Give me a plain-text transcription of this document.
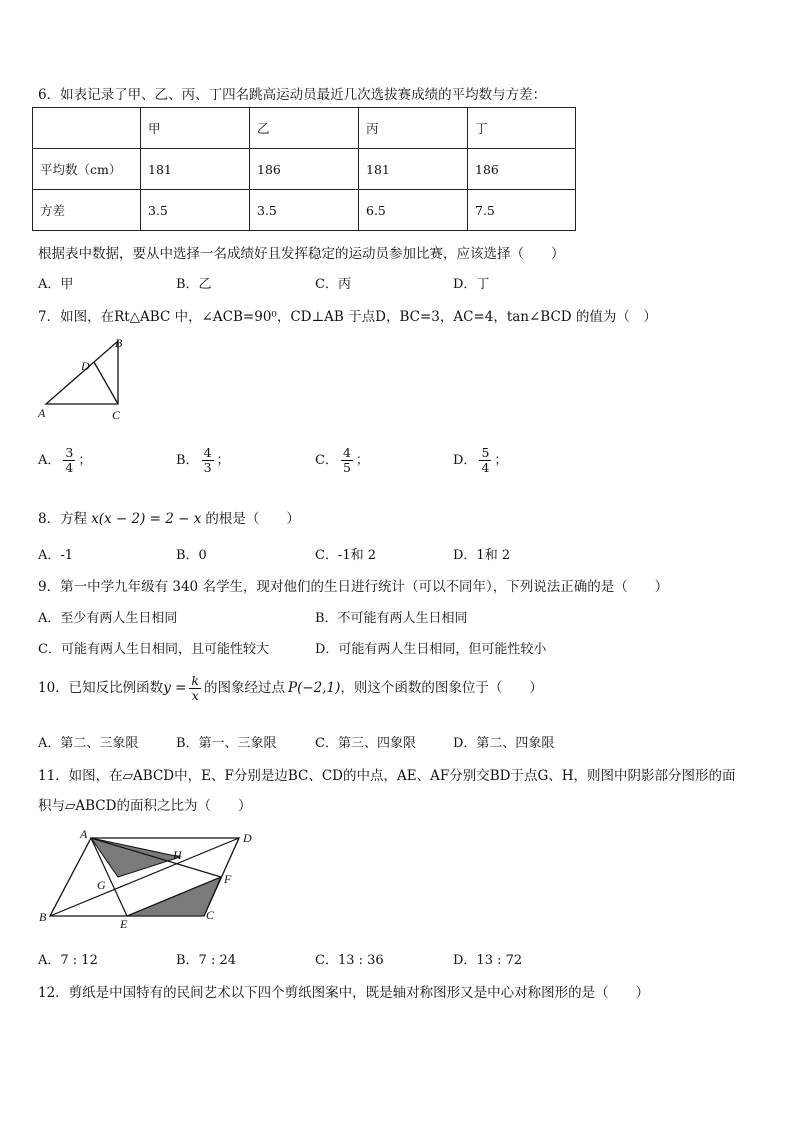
6．如表记录了甲、乙、丙、丁四名跳高运动员最近几次选拔赛成绩的平均数与方差：
	甲	乙	丙	丁
平均数（cm）	181	186	181	186
方差	3.5	3.5	6.5	7.5
根据表中数据，要从中选择一名成绩好且发挥稳定的运动员参加比赛，应该选择（　　）
A．甲	B．乙	C．丙	D．丁
7．如图，在Rt△ABC 中，∠ACB=90⁰，CD⊥AB 于点D，BC=3，AC=4，tan∠BCD 的值为（　）
A
B
C
D
A． $\frac{3}{4}$ ；	B． $\frac{4}{3}$ ；	C． $\frac{4}{5}$ ；	D． $\frac{5}{4}$ ；
8．方程 x(x − 2) = 2 − x 的根是（　　）
A．-1	B．0	C．-1和 2	D．1和 2
9．第一中学九年级有 340 名学生，现对他们的生日进行统计（可以不同年），下列说法正确的是（　　）
A．至少有两人生日相同	B．不可能有两人生日相同
C．可能有两人生日相同，且可能性较大	D．可能有两人生日相同，但可能性较小
10．已知反比例函数$y = \frac{k}{x}$ 的图象经过点 P(−2,1)，则这个函数的图象位于（　　）
A．第二、三象限	B．第一、三象限	C．第三、四象限	D．第二、四象限
11．如图，在▱ABCD中，E、F分别是边BC、CD的中点，AE、AF分别交BD于点G、H，则图中阴影部分图形的面
积与▱ABCD的面积之比为（　　）
A
B	C
D
E
F
G
H
A．7 : 12	B．7 : 24	C．13 : 36	D．13 : 72
12．剪纸是中国特有的民间艺术以下四个剪纸图案中，既是轴对称图形又是中心对称图形的是（　　）
